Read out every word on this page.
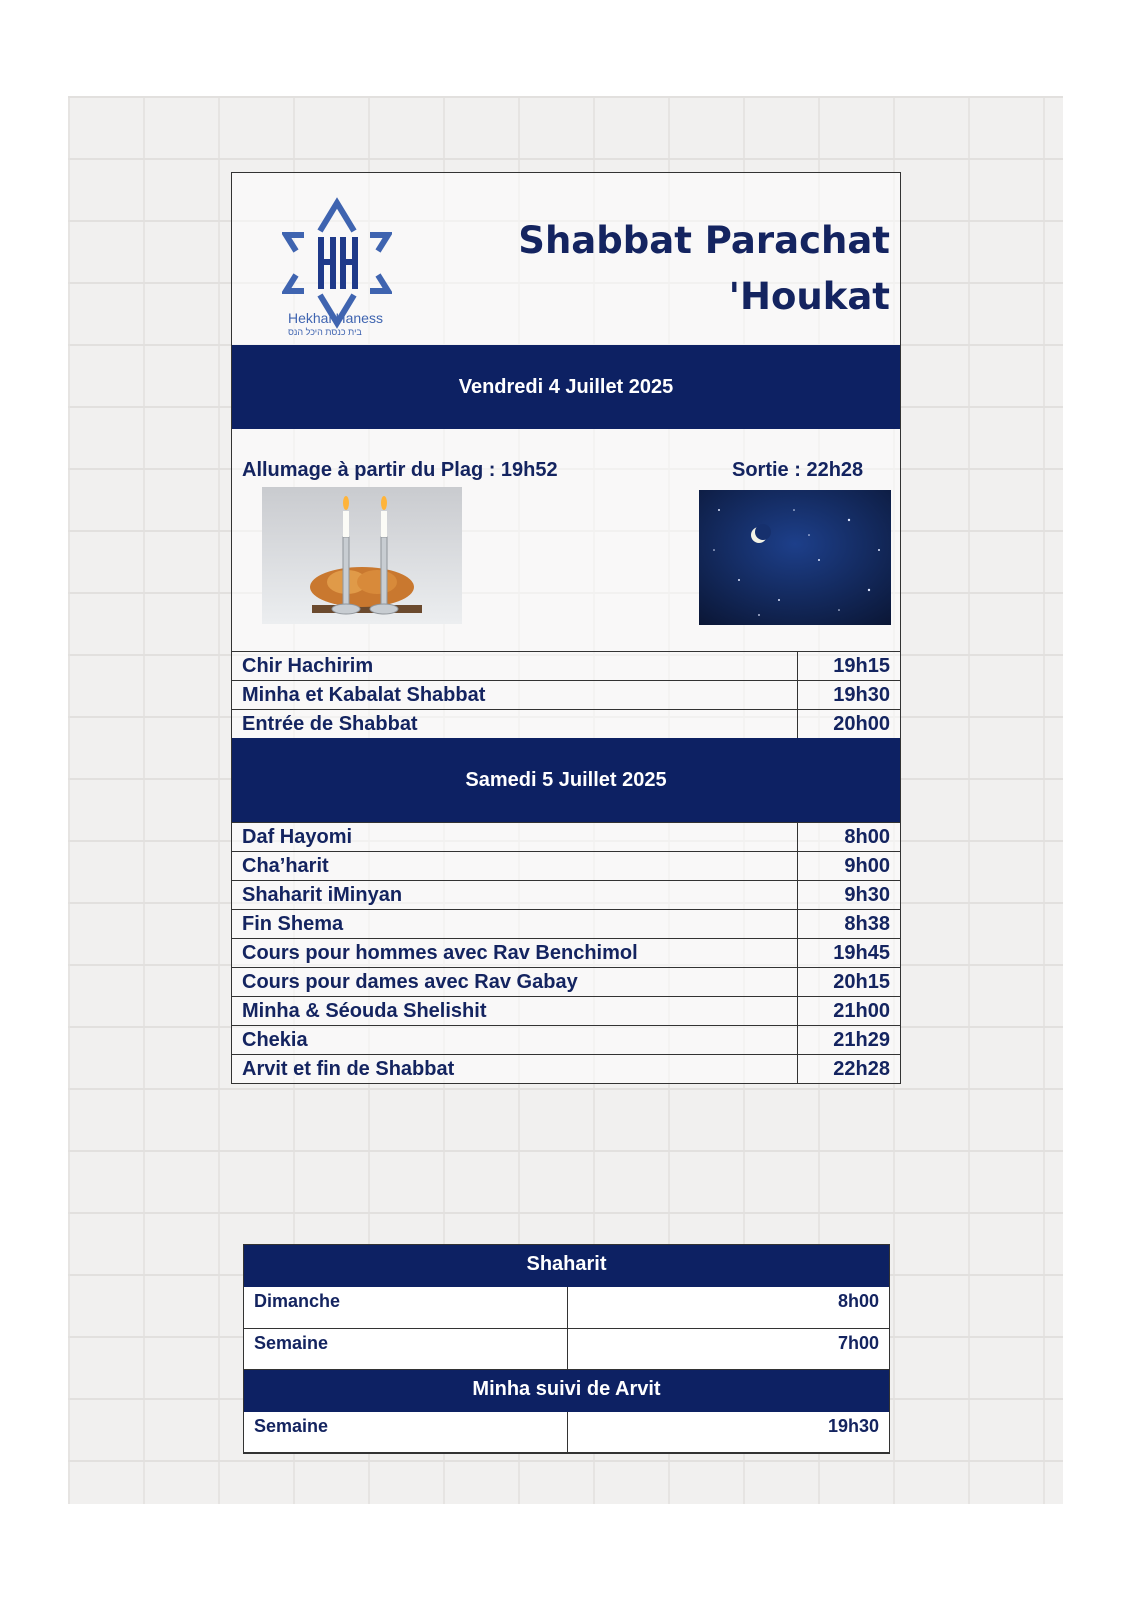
Hekhal Haness
בית כנסת היכל הנס
Shabbat Parachat
'Houkat
Vendredi 4 Juillet 2025
Allumage à partir du Plag : 19h52	Sortie : 22h28
Chir Hachirim	19h15
Minha et Kabalat Shabbat	19h30
Entrée de Shabbat	20h00
Samedi 5 Juillet 2025
Daf Hayomi	8h00
Cha’harit	9h00
Shaharit iMinyan	9h30
Fin Shema	8h38
Cours pour hommes avec Rav Benchimol	19h45
Cours pour dames avec Rav Gabay	20h15
Minha & Séouda Shelishit	21h00
Chekia	21h29
Arvit et fin de Shabbat	22h28
Shaharit
Dimanche	8h00
Semaine	7h00
Minha suivi de Arvit
Semaine	19h30
